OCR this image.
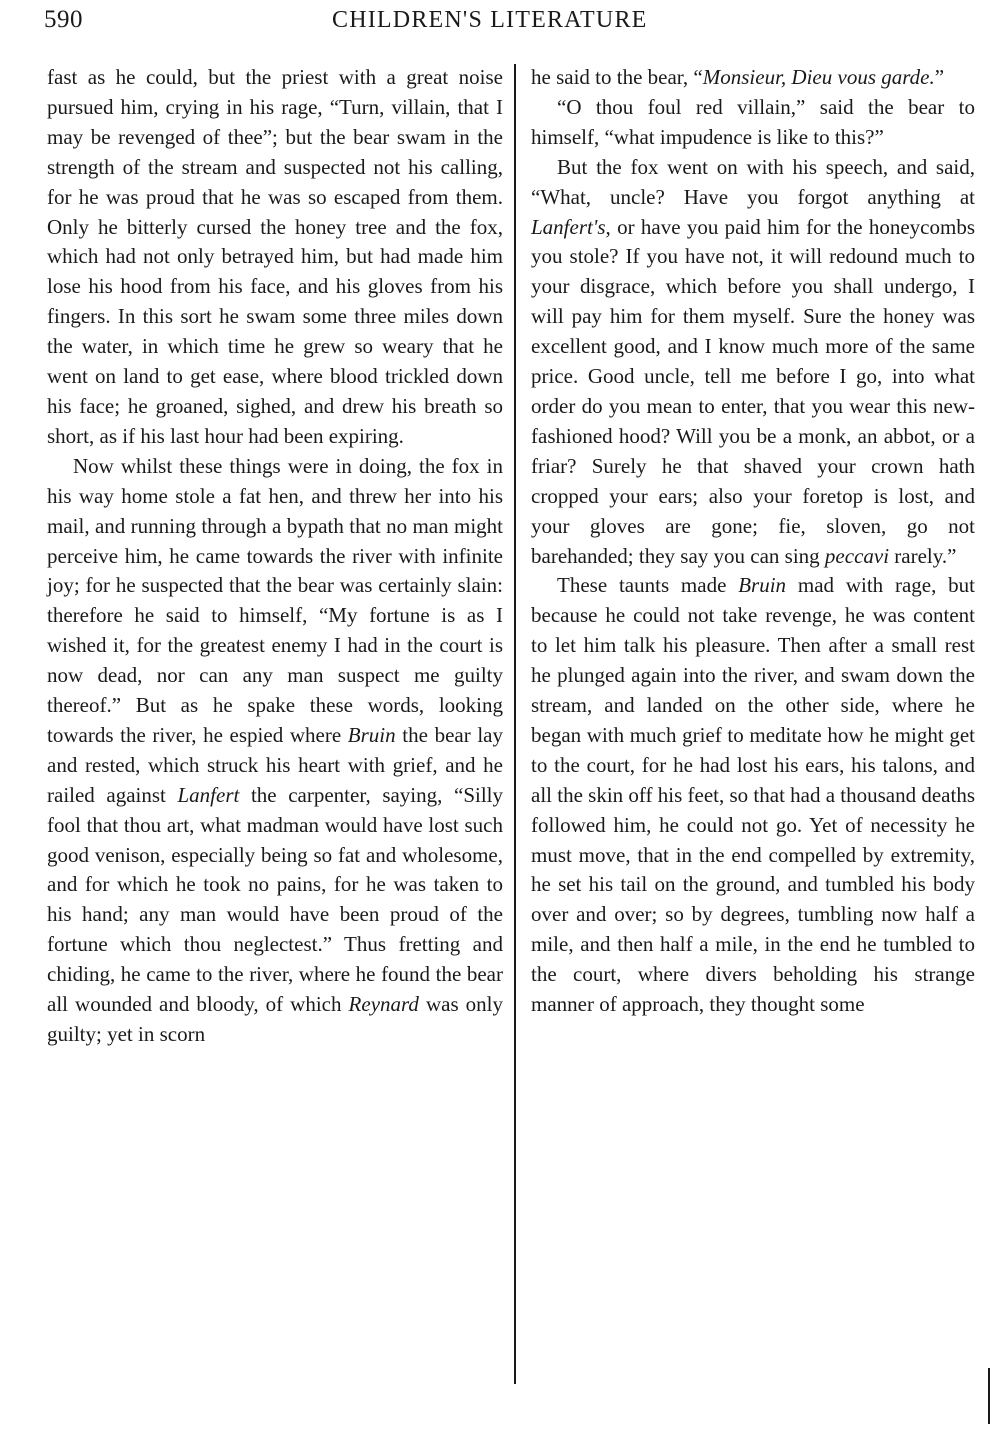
590	CHILDREN'S LITERATURE

fast as he could, but the priest with a great noise pursued him, crying in his rage, “Turn, villain, that I may be revenged of thee”; but the bear swam in the strength of the stream and suspected not his calling, for he was proud that he was so escaped from them. Only he bitterly cursed the honey tree and the fox, which had not only betrayed him, but had made him lose his hood from his face, and his gloves from his fingers. In this sort he swam some three miles down the water, in which time he grew so weary that he went on land to get ease, where blood trickled down his face; he groaned, sighed, and drew his breath so short, as if his last hour had been expiring.

Now whilst these things were in doing, the fox in his way home stole a fat hen, and threw her into his mail, and running through a bypath that no man might perceive him, he came towards the river with infinite joy; for he suspected that the bear was certainly slain: therefore he said to himself, “My fortune is as I wished it, for the greatest enemy I had in the court is now dead, nor can any man suspect me guilty thereof.” But as he spake these words, looking towards the river, he espied where Bruin the bear lay and rested, which struck his heart with grief, and he railed against Lanfert the carpenter, saying, “Silly fool that thou art, what madman would have lost such good venison, especially being so fat and wholesome, and for which he took no pains, for he was taken to his hand; any man would have been proud of the fortune which thou neglectest.” Thus fretting and chiding, he came to the river, where he found the bear all wounded and bloody, of which Reynard was only guilty; yet in scorn

he said to the bear, “Monsieur, Dieu vous garde.”

“O thou foul red villain,” said the bear to himself, “what impudence is like to this?”

But the fox went on with his speech, and said, “What, uncle? Have you forgot anything at Lanfert's, or have you paid him for the honeycombs you stole? If you have not, it will redound much to your disgrace, which before you shall undergo, I will pay him for them myself. Sure the honey was excellent good, and I know much more of the same price. Good uncle, tell me before I go, into what order do you mean to enter, that you wear this new-fashioned hood? Will you be a monk, an abbot, or a friar? Surely he that shaved your crown hath cropped your ears; also your foretop is lost, and your gloves are gone; fie, sloven, go not barehanded; they say you can sing peccavi rarely.”

These taunts made Bruin mad with rage, but because he could not take revenge, he was content to let him talk his pleasure. Then after a small rest he plunged again into the river, and swam down the stream, and landed on the other side, where he began with much grief to meditate how he might get to the court, for he had lost his ears, his talons, and all the skin off his feet, so that had a thousand deaths followed him, he could not go. Yet of necessity he must move, that in the end compelled by extremity, he set his tail on the ground, and tumbled his body over and over; so by degrees, tumbling now half a mile, and then half a mile, in the end he tumbled to the court, where divers beholding his strange manner of approach, they thought some
